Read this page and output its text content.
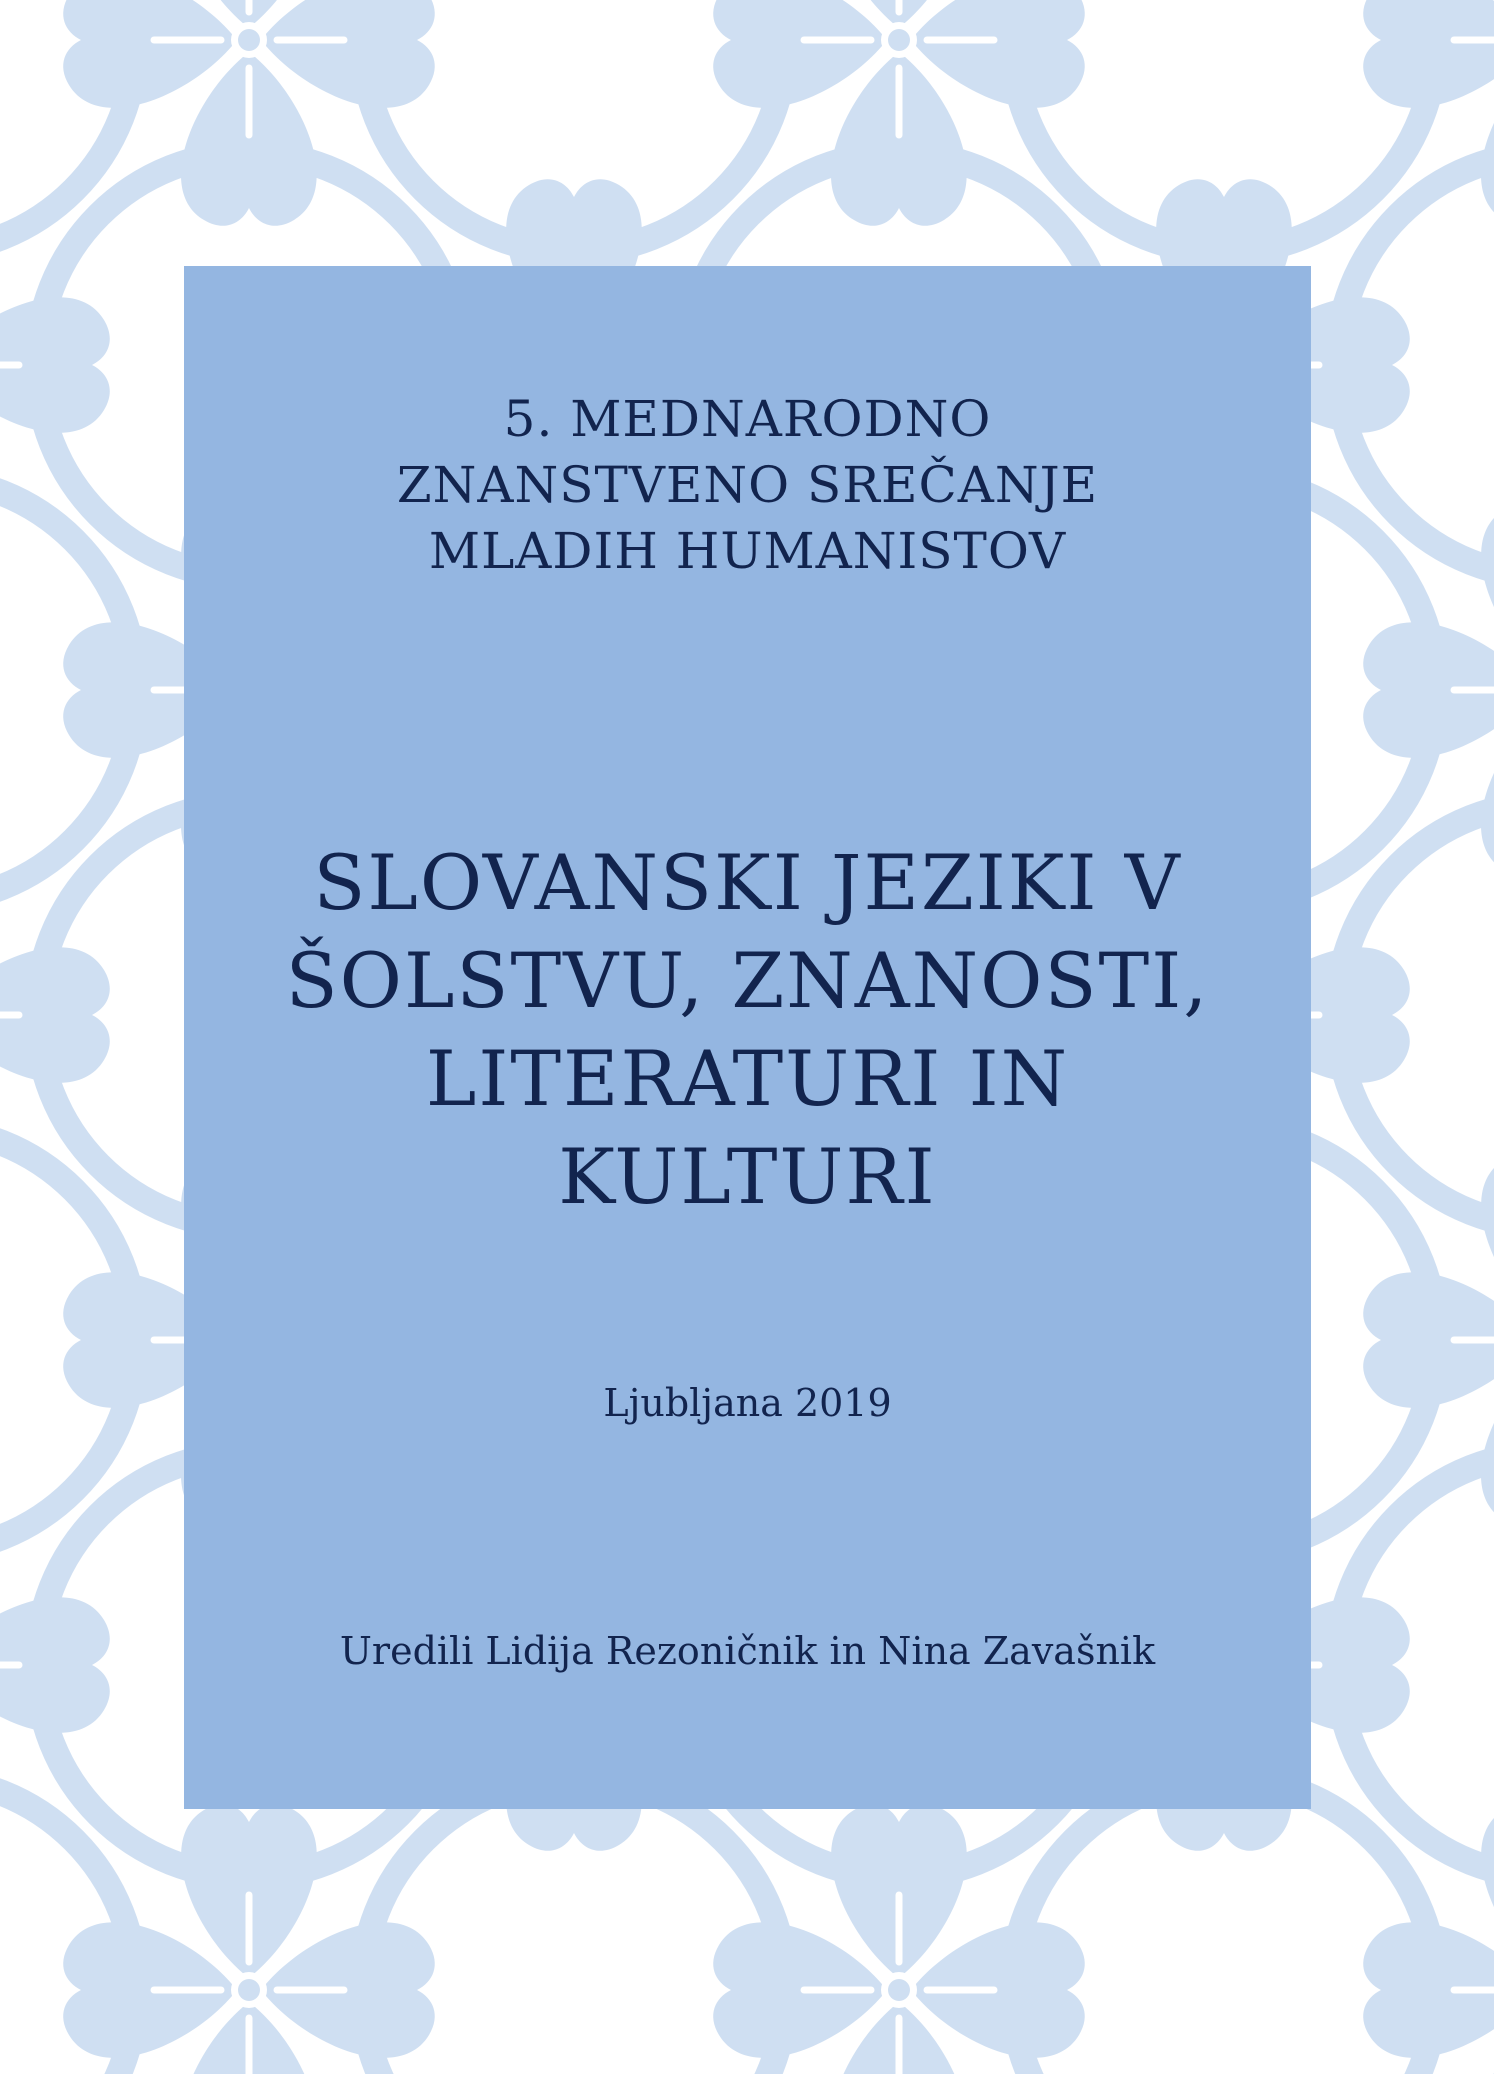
5. MEDNARODNO
ZNANSTVENO SREČANJE
MLADIH HUMANISTOV
SLOVANSKI JEZIKI V
ŠOLSTVU, ZNANOSTI,
LITERATURI IN
KULTURI
Ljubljana 2019
Uredili Lidija Rezoničnik in Nina Zavašnik
